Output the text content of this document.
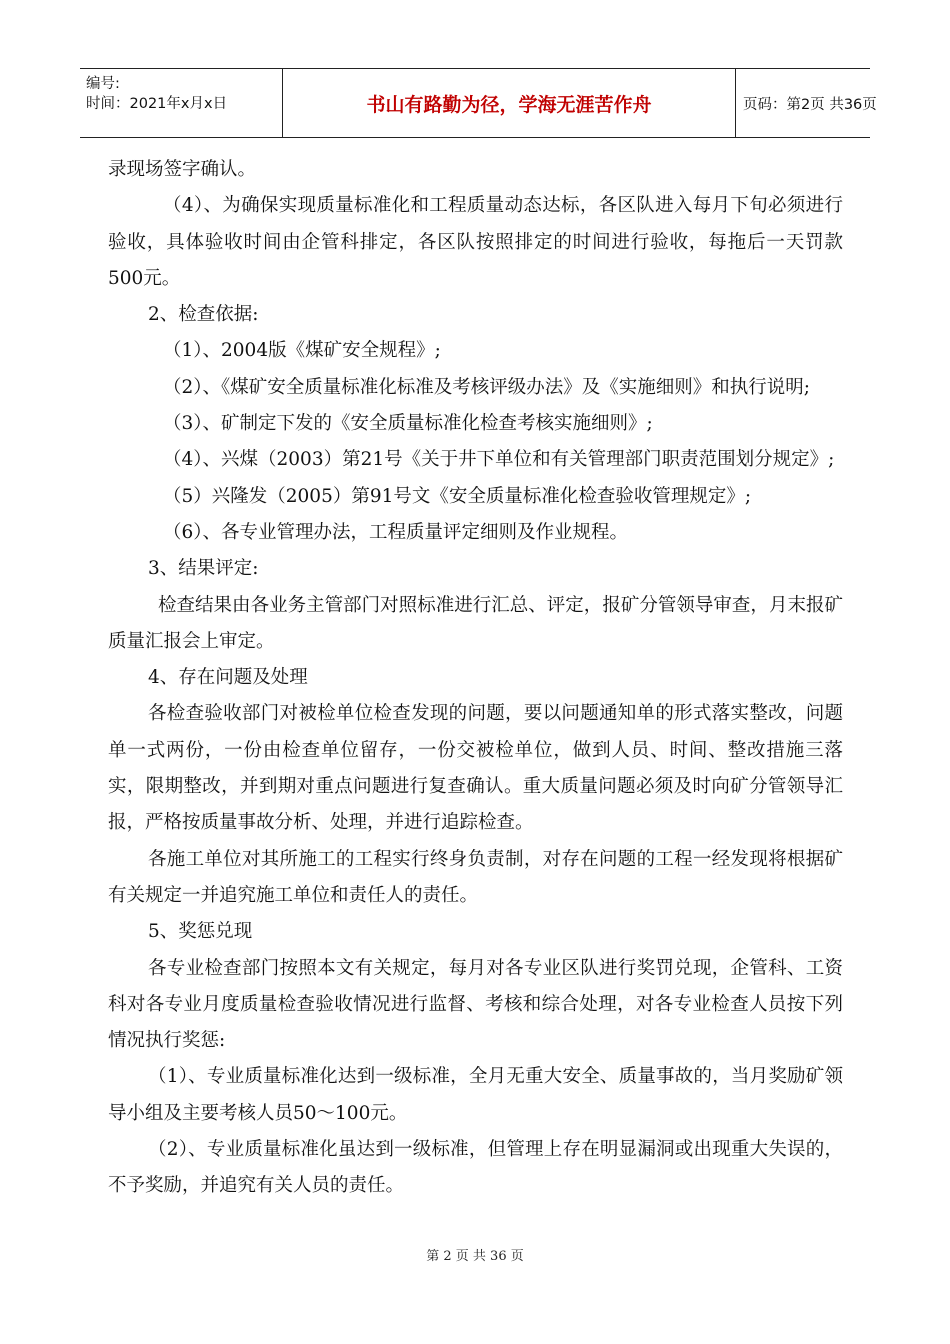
编号:
时间：2021年x月x日	书山有路勤为径，学海无涯苦作舟	页码：第2页 共36页

录现场签字确认。

（4）、为确保实现质量标准化和工程质量动态达标，各区队进入每月下旬必须进行验收，具体验收时间由企管科排定，各区队按照排定的时间进行验收，每拖后一天罚款500元。

2、检查依据:

（1）、2004版《煤矿安全规程》;

（2）、《煤矿安全质量标准化标准及考核评级办法》及《实施细则》和执行说明;

（3）、矿制定下发的《安全质量标准化检查考核实施细则》;

（4）、兴煤（2003）第21号《关于井下单位和有关管理部门职责范围划分规定》;

（5）兴隆发（2005）第91号文《安全质量标准化检查验收管理规定》;

（6）、各专业管理办法，工程质量评定细则及作业规程。

3、结果评定:

检查结果由各业务主管部门对照标准进行汇总、评定，报矿分管领导审查，月末报矿质量汇报会上审定。

4、存在问题及处理

各检查验收部门对被检单位检查发现的问题，要以问题通知单的形式落实整改，问题单一式两份，一份由检查单位留存，一份交被检单位，做到人员、时间、整改措施三落实，限期整改，并到期对重点问题进行复查确认。重大质量问题必须及时向矿分管领导汇报，严格按质量事故分析、处理，并进行追踪检查。

各施工单位对其所施工的工程实行终身负责制，对存在问题的工程一经发现将根据矿有关规定一并追究施工单位和责任人的责任。

5、奖惩兑现

各专业检查部门按照本文有关规定，每月对各专业区队进行奖罚兑现，企管科、工资科对各专业月度质量检查验收情况进行监督、考核和综合处理，对各专业检查人员按下列情况执行奖惩:

（1）、专业质量标准化达到一级标准，全月无重大安全、质量事故的，当月奖励矿领导小组及主要考核人员50～100元。

（2）、专业质量标准化虽达到一级标准，但管理上存在明显漏洞或出现重大失误的，不予奖励，并追究有关人员的责任。

第 2 页 共 36 页
